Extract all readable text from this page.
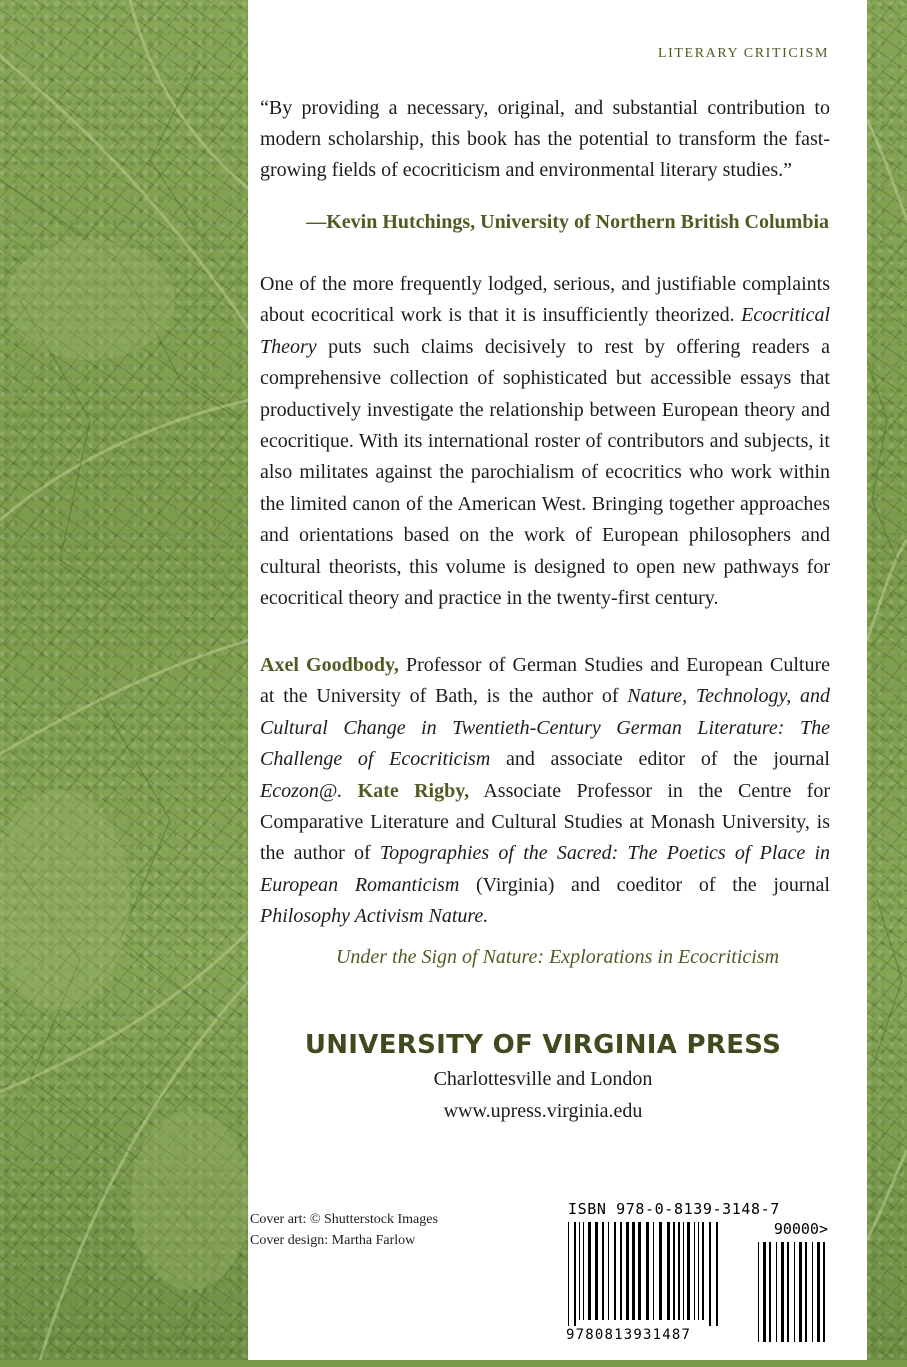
LITERARY CRITICISM
“By providing a necessary, original, and substantial contribution to modern scholarship, this book has the potential to transform the fast-growing fields of ecocriticism and environmental literary studies.”
—Kevin Hutchings, University of Northern British Columbia
One of the more frequently lodged, serious, and justifiable complaints about ecocritical work is that it is insufficiently theorized. Ecocritical Theory puts such claims decisively to rest by offering readers a comprehensive collection of sophisticated but accessible essays that productively investigate the relationship between European theory and ecocritique. With its international roster of contributors and subjects, it also militates against the parochialism of ecocritics who work within the limited canon of the American West. Bringing together approaches and orientations based on the work of European philosophers and cultural theorists, this volume is designed to open new pathways for ecocritical theory and practice in the twenty-first century.
Axel Goodbody, Professor of German Studies and European Culture at the University of Bath, is the author of Nature, Technology, and Cultural Change in Twentieth-Century German Literature: The Challenge of Ecocriticism and associate editor of the journal Ecozon@. Kate Rigby, Associate Professor in the Centre for Comparative Literature and Cultural Studies at Monash University, is the author of Topographies of the Sacred: The Poetics of Place in European Romanticism (Virginia) and coeditor of the journal Philosophy Activism Nature.
Under the Sign of Nature: Explorations in Ecocriticism
UNIVERSITY OF VIRGINIA PRESS
Charlottesville and London
www.upress.virginia.edu
Cover art: © Shutterstock Images
Cover design: Martha Farlow
ISBN 978-0-8139-3148-7
90000>
9780813931487
